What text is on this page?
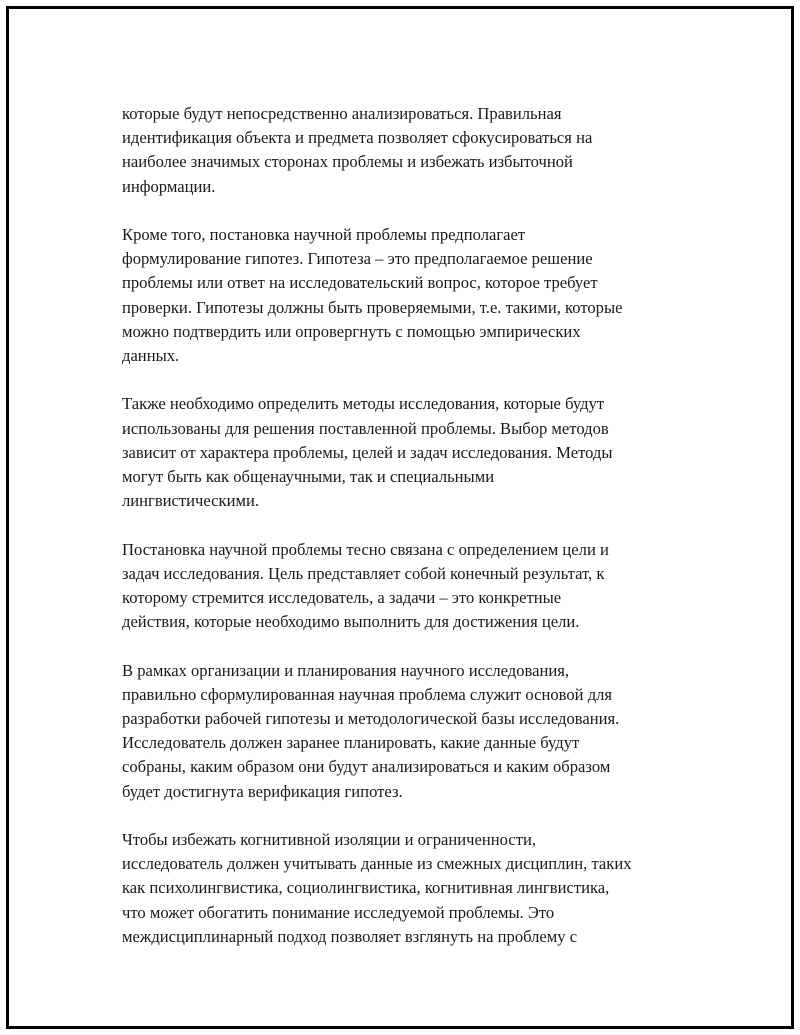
которые будут непосредственно анализироваться. Правильная
идентификация объекта и предмета позволяет сфокусироваться на
наиболее значимых сторонах проблемы и избежать избыточной
информации.

Кроме того, постановка научной проблемы предполагает
формулирование гипотез. Гипотеза – это предполагаемое решение
проблемы или ответ на исследовательский вопрос, которое требует
проверки. Гипотезы должны быть проверяемыми, т.е. такими, которые
можно подтвердить или опровергнуть с помощью эмпирических
данных.

Также необходимо определить методы исследования, которые будут
использованы для решения поставленной проблемы. Выбор методов
зависит от характера проблемы, целей и задач исследования. Методы
могут быть как общенаучными, так и специальными
лингвистическими.

Постановка научной проблемы тесно связана с определением цели и
задач исследования. Цель представляет собой конечный результат, к
которому стремится исследователь, а задачи – это конкретные
действия, которые необходимо выполнить для достижения цели.

В рамках организации и планирования научного исследования,
правильно сформулированная научная проблема служит основой для
разработки рабочей гипотезы и методологической базы исследования.
Исследователь должен заранее планировать, какие данные будут
собраны, каким образом они будут анализироваться и каким образом
будет достигнута верификация гипотез.

Чтобы избежать когнитивной изоляции и ограниченности,
исследователь должен учитывать данные из смежных дисциплин, таких
как психолингвистика, социолингвистика, когнитивная лингвистика,
что может обогатить понимание исследуемой проблемы. Это
междисциплинарный подход позволяет взглянуть на проблему с
